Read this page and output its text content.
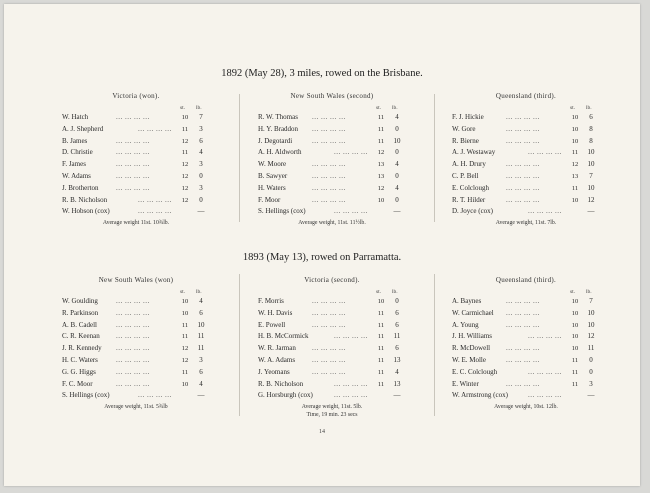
1892 (May 28), 3 miles, rowed on the Brisbane.
Victoria (won).
st. lb.
W. Hatch	... ... ... ...	10	7
A. J. Shepherd	... ... ... ...	11	3
B. James	... ... ... ...	12	6
D. Christie	... ... ... ...	11	4
F. James	... ... ... ...	12	3
W. Adams	... ... ... ...	12	0
J. Brotherton ... ... ... ...	12	3
R. B. Nicholson	... ... ... ...	12	0
W. Hobson (cox)	... ... ... ...	—
Average weight 11st. 10¾lb.
New South Wales (second)
st. lb.
R. W. Thomas ... ... ... ...	11	4
H. Y. Braddon ... ... ... ...	11	0
J. Degotardi	... ... ... ...	11	10
A. H. Aldworth	... ... ... ...	12	0
W. Moore	... ... ... ...	13	4
B. Sawyer	... ... ... ...	13	0
H. Waters	... ... ... ...	12	4
F. Moor	... ... ... ...	10	0
S. Hellings (cox)	... ... ... ...	—
Average weight, 11st. 11½lb.
Queensland (third).
st. lb.
F. J. Hickie	... ... ... ...	10	6
W. Gore	... ... ... ...	10	8
R. Bierne	... ... ... ...	10	8
A. J. Westaway	... ... ... ...	11	10
A. H. Drury	... ... ... ...	12	10
C. P. Bell	... ... ... ...	13	7
E. Colclough ... ... ... ...	11	10
R. T. Hilder	... ... ... ...	10	12
D. Joyce (cox)	... ... ... ...	—
Average weight, 11st. 7lb.
1893 (May 13), rowed on Parramatta.
New South Wales (won)
st. lb.
W. Goulding	... ... ... ...	10	4
R. Parkinson	... ... ... ...	10	6
A. B. Cadell	... ... ... ...	11	10
C. R. Keenan ... ... ... ...	11	11
J. R. Kennedy ... ... ... ...	12	11
H. C. Waters	... ... ... ...	12	3
G. G. Higgs	... ... ... ...	11	6
F. C. Moor	... ... ... ...	10	4
S. Hellings (cox)	... ... ... ...	—
Average weight, 11st. 5¾lb
Victoria (second).
st. lb.
F. Morris	... ... ... ...	10	0
W. H. Davis	... ... ... ...	11	6
E. Powell	... ... ... ...	11	6
H. B. McCormick	... ... ... ...	11	11
W. R. Jarman ... ... ... ...	11	6
W. A. Adams ... ... ... ...	11	13
J. Yeomans	... ... ... ...	11	4
R. B. Nicholson	... ... ... ...	11	13
G. Horsburgh (cox)	... ... ... ...	—
Average weight, 11st. 5lb.
Time, 19 min. 23 secs
Queensland (third).
st. lb.
A. Baynes	... ... ... ...	10	7
W. Carmichael ... ... ... ...	10	10
A. Young	... ... ... ...	10	10
J. H. Williams	... ... ... ...	10	12
R. McDowell ... ... ... ...	10	11
W. E. Molle	... ... ... ...	11	0
E. C. Colclough	... ... ... ...	11	0
E. Winter	... ... ... ...	11	3
W. Armstrong (cox)	... ... ... ...	—
Average weight, 10st. 12lb.
14
